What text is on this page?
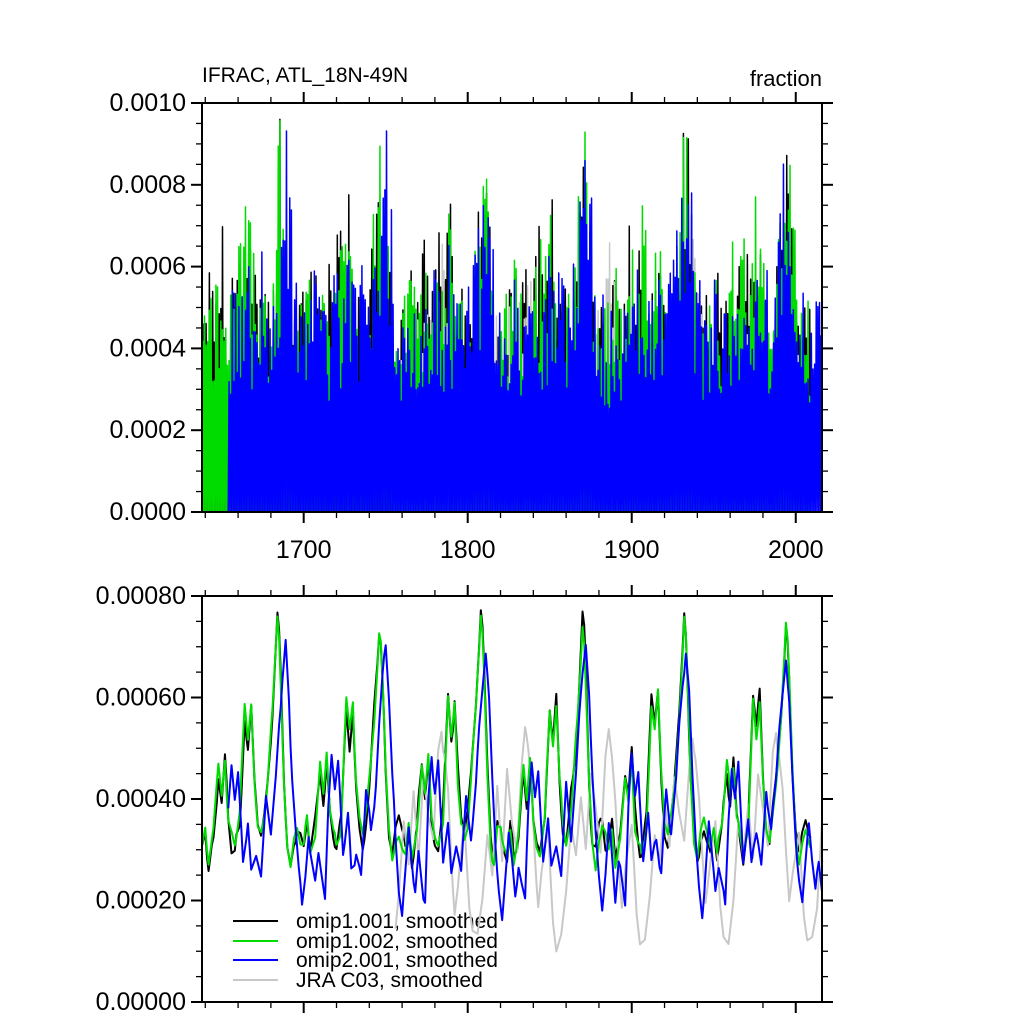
IFRAC, ATL_18N-49N	fraction
omip1.001
omip1.002
omip2.001
JRA C03
1700	1800	1900	2000
0.0000
0.0002
0.0004
0.0006
0.0008
0.0010
omip1.001, smoothed
omip1.002, smoothed
omip2.001, smoothed
JRA C03, smoothed
0.00000
0.00020
0.00040
0.00060
0.00080
